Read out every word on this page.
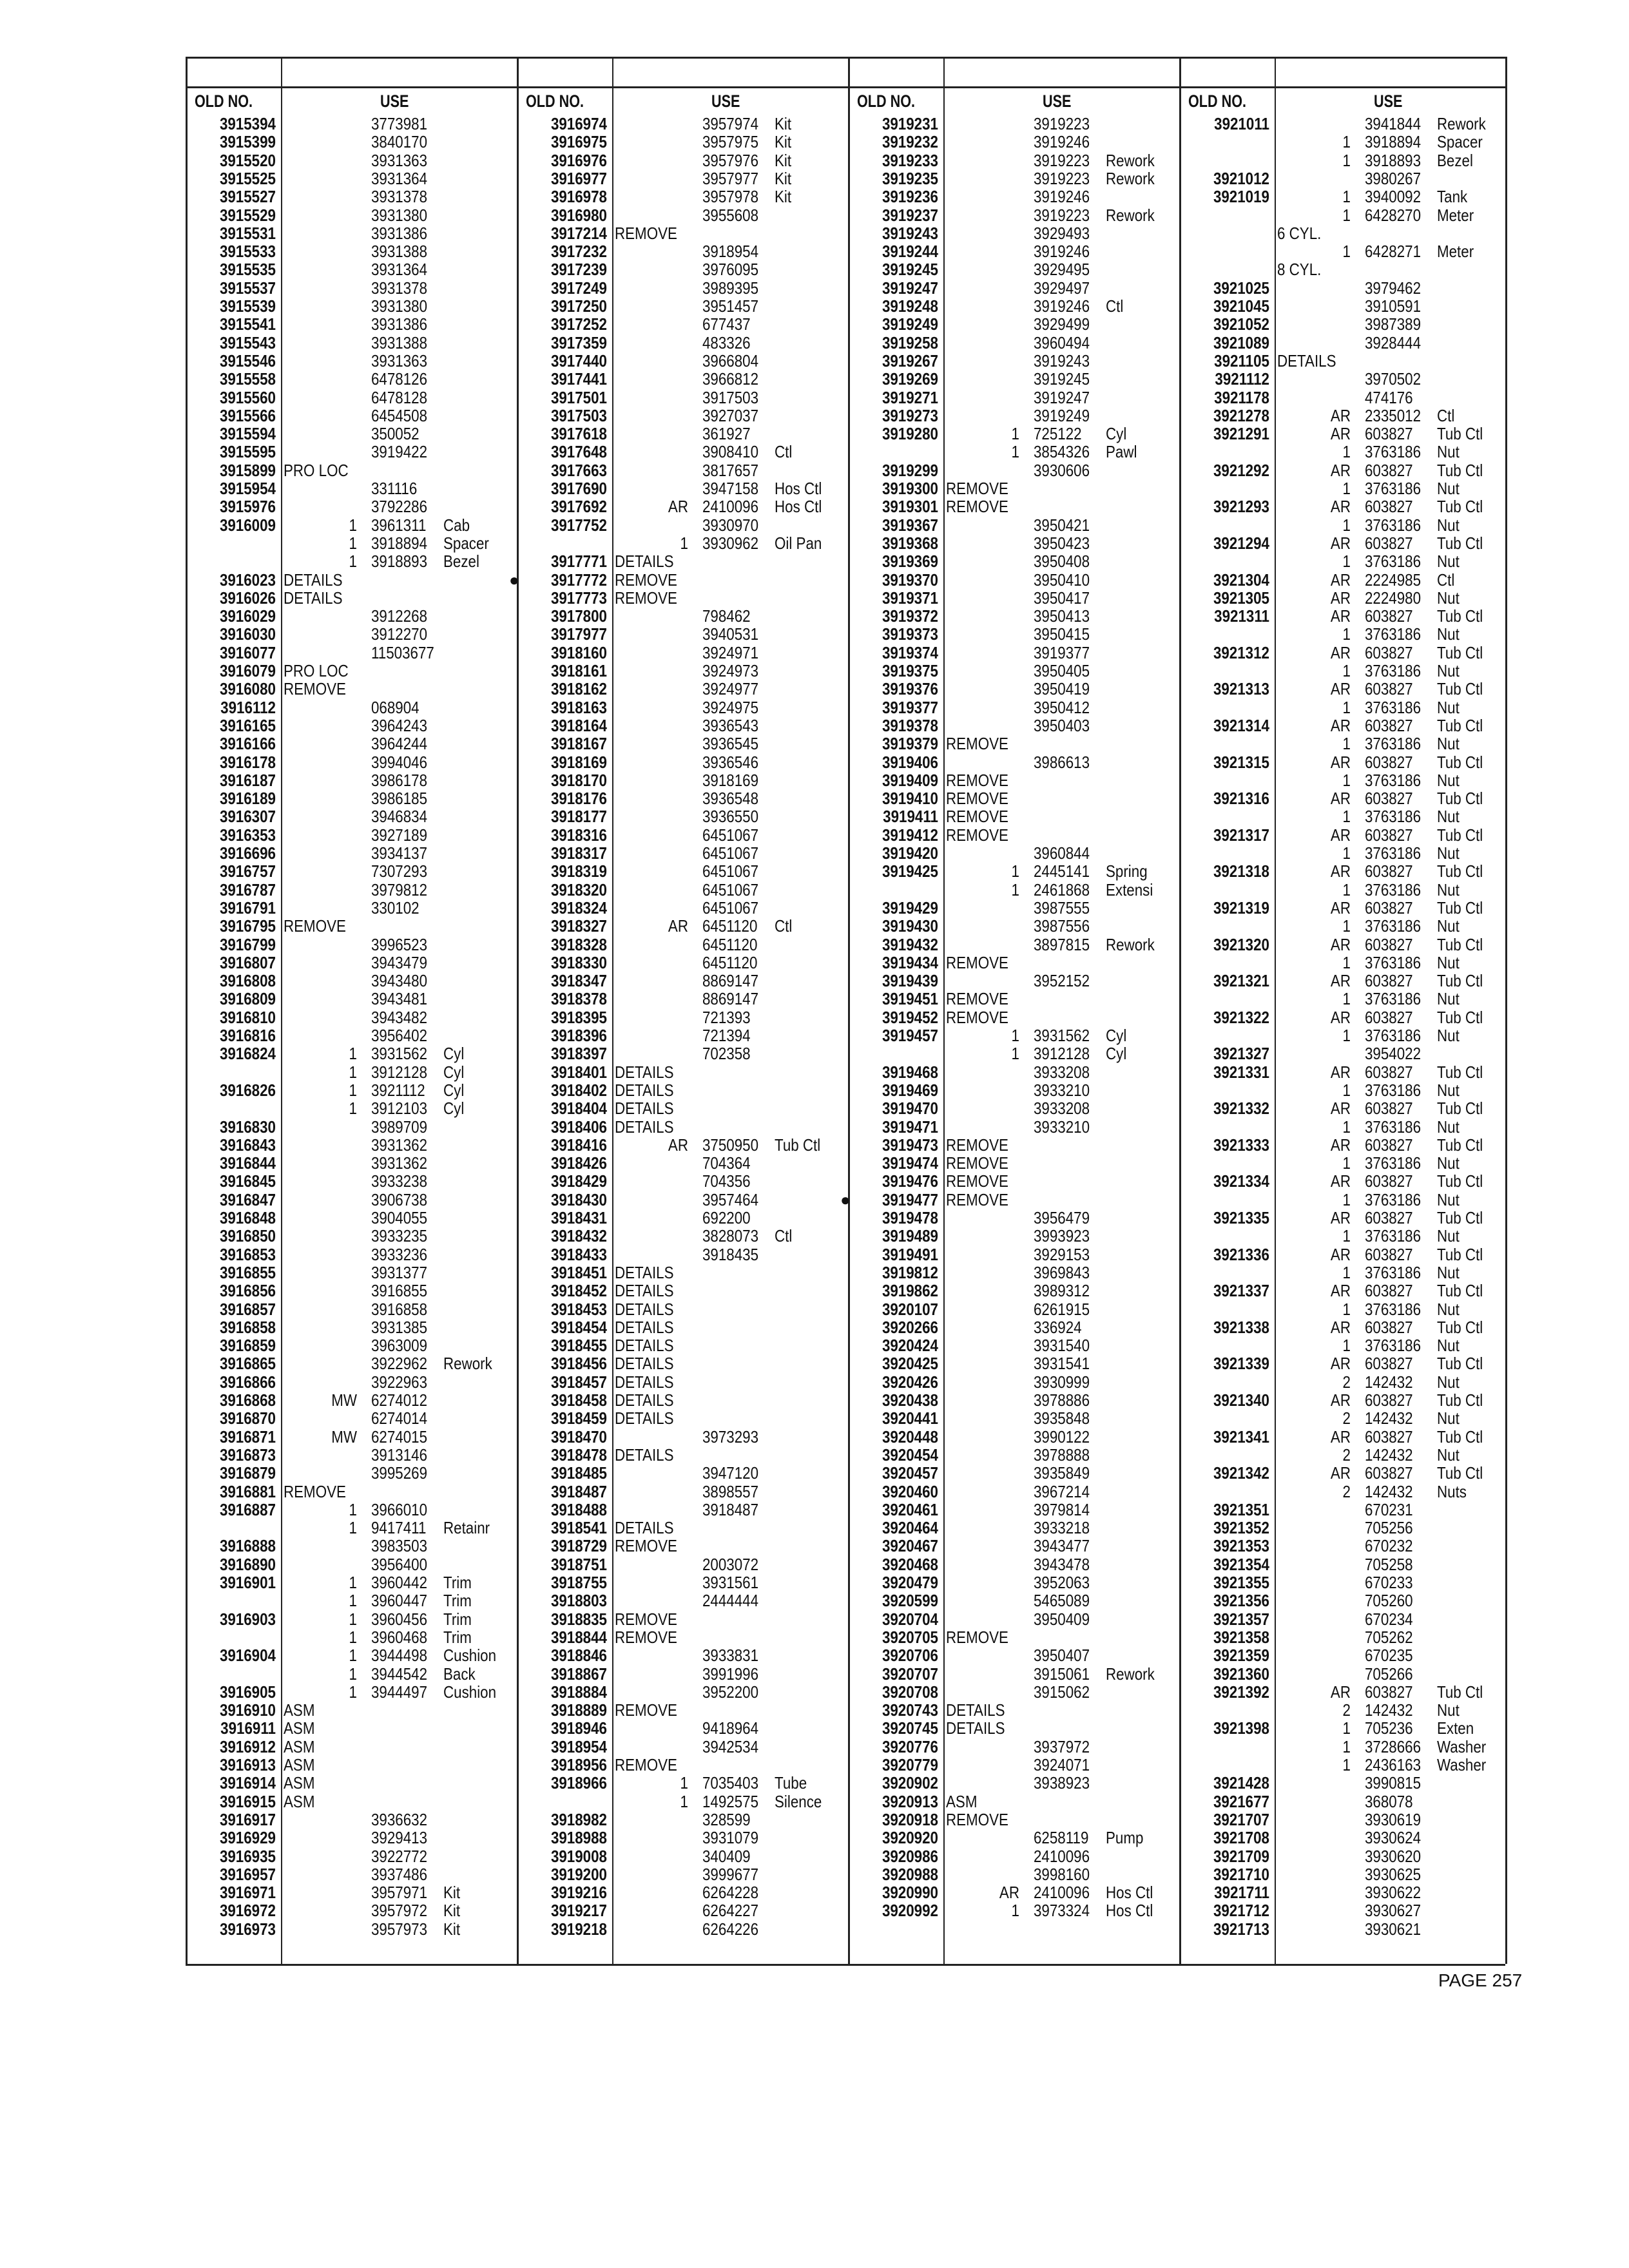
OLD NO.	USE	OLD NO.	USE	OLD NO.	USE	OLD NO.	USE
3915394	3773981
3915399	3840170
3915520	3931363
3915525	3931364
3915527	3931378
3915529	3931380
3915531	3931386
3915533	3931388
3915535	3931364
3915537	3931378
3915539	3931380
3915541	3931386
3915543	3931388
3915546	3931363
3915558	6478126
3915560	6478128
3915566	6454508
3915594	350052
3915595	3919422
3915899 PRO LOC
3915954	331116
3915976	3792286
3916009	1 3961311	Cab
1 3918894 Spacer
1 3918893 Bezel
3916023 DETAILS
3916026 DETAILS
3916029	3912268
3916030	3912270
3916077	11503677
3916079 PRO LOC
3916080 REMOVE
3916112	068904
3916165	3964243
3916166	3964244
3916178	3994046
3916187	3986178
3916189	3986185
3916307	3946834
3916353	3927189
3916696	3934137
3916757	7307293
3916787	3979812
3916791	330102
3916795 REMOVE
3916799	3996523
3916807	3943479
3916808	3943480
3916809	3943481
3916810	3943482
3916816	3956402
3916824	1 3931562 Cyl
1 3912128 Cyl
3916826	1 3921112	Cyl
1 3912103 Cyl
3916830	3989709
3916843	3931362
3916844	3931362
3916845	3933238
3916847	3906738
3916848	3904055
3916850	3933235
3916853	3933236
3916855	3931377
3916856	3916855
3916857	3916858
3916858	3931385
3916859	3963009
3916865	3922962 Rework
3916866	3922963
3916868	MW 6274012
3916870	6274014
3916871	MW 6274015
3916873	3913146
3916879	3995269
3916881 REMOVE
3916887	1 3966010
1 9417411	Retainr
3916888	3983503
3916890	3956400
3916901	1 3960442 Trim
1 3960447 Trim
3916903	1 3960456 Trim
1 3960468 Trim
3916904	1 3944498 Cushion
1 3944542 Back
3916905	1 3944497 Cushion
3916910 ASM
3916911 ASM
3916912 ASM
3916913 ASM
3916914 ASM
3916915 ASM
3916917	3936632
3916929	3929413
3916935	3922772
3916957	3937486
3916971	3957971 Kit
3916972	3957972 Kit
3916973	3957973 Kit
3916974	3957974 Kit
3916975	3957975 Kit
3916976	3957976 Kit
3916977	3957977 Kit
3916978	3957978 Kit
3916980	3955608
3917214 REMOVE
3917232	3918954
3917239	3976095
3917249	3989395
3917250	3951457
3917252	677437
3917359	483326
3917440	3966804
3917441	3966812
3917501	3917503
3917503	3927037
3917618	361927
3917648	3908410 Ctl
3917663	3817657
3917690	3947158 Hos Ctl
3917692	AR 2410096 Hos Ctl
3917752	3930970
1 3930962 Oil Pan
3917771 DETAILS
●	3917772 REMOVE
3917773 REMOVE
3917800	798462
3917977	3940531
3918160	3924971
3918161	3924973
3918162	3924977
3918163	3924975
3918164	3936543
3918167	3936545
3918169	3936546
3918170	3918169
3918176	3936548
3918177	3936550
3918316	6451067
3918317	6451067
3918319	6451067
3918320	6451067
3918324	6451067
3918327	AR 6451120	Ctl
3918328	6451120
3918330	6451120
3918347	8869147
3918378	8869147
3918395	721393
3918396	721394
3918397	702358
3918401 DETAILS
3918402 DETAILS
3918404 DETAILS
3918406 DETAILS
3918416	AR 3750950 Tub Ctl
3918426	704364
3918429	704356
3918430	3957464
3918431	692200
3918432	3828073 Ctl
3918433	3918435
3918451 DETAILS
3918452 DETAILS
3918453 DETAILS
3918454 DETAILS
3918455 DETAILS
3918456 DETAILS
3918457 DETAILS
3918458 DETAILS
3918459 DETAILS
3918470	3973293
3918478 DETAILS
3918485	3947120
3918487	3898557
3918488	3918487
3918541 DETAILS
3918729 REMOVE
3918751	2003072
3918755	3931561
3918803	2444444
3918835 REMOVE
3918844 REMOVE
3918846	3933831
3918867	3991996
3918884	3952200
3918889 REMOVE
3918946	9418964
3918954	3942534
3918956 REMOVE
3918966	1 7035403 Tube
1 1492575 Silence
3918982	328599
3918988	3931079
3919008	340409
3919200	3999677
3919216	6264228
3919217	6264227
3919218	6264226
3919231	3919223
3919232	3919246
3919233	3919223 Rework
3919235	3919223 Rework
3919236	3919246
3919237	3919223 Rework
3919243	3929493
3919244	3919246
3919245	3929495
3919247	3929497
3919248	3919246 Ctl
3919249	3929499
3919258	3960494
3919267	3919243
3919269	3919245
3919271	3919247
3919273	3919249
3919280	1 725122	Cyl
1 3854326 Pawl
3919299	3930606
3919300 REMOVE
3919301 REMOVE
3919367	3950421
3919368	3950423
3919369	3950408
3919370	3950410
3919371	3950417
3919372	3950413
3919373	3950415
3919374	3919377
3919375	3950405
3919376	3950419
3919377	3950412
3919378	3950403
3919379 REMOVE
3919406	3986613
3919409 REMOVE
3919410 REMOVE
3919411 REMOVE
3919412 REMOVE
3919420	3960844
3919425	1 2445141 Spring
1 2461868 Extensi
3919429	3987555
3919430	3987556
3919432	3897815 Rework
3919434 REMOVE
3919439	3952152
3919451 REMOVE
3919452 REMOVE
3919457	1 3931562 Cyl
1 3912128 Cyl
3919468	3933208
3919469	3933210
3919470	3933208
3919471	3933210
3919473 REMOVE
3919474 REMOVE
3919476 REMOVE
●	3919477 REMOVE
3919478	3956479
3919489	3993923
3919491	3929153
3919812	3969843
3919862	3989312
3920107	6261915
3920266	336924
3920424	3931540
3920425	3931541
3920426	3930999
3920438	3978886
3920441	3935848
3920448	3990122
3920454	3978888
3920457	3935849
3920460	3967214
3920461	3979814
3920464	3933218
3920467	3943477
3920468	3943478
3920479	3952063
3920599	5465089
3920704	3950409
3920705 REMOVE
3920706	3950407
3920707	3915061 Rework
3920708	3915062
3920743 DETAILS
3920745 DETAILS
3920776	3937972
3920779	3924071
3920902	3938923
3920913 ASM
3920918 REMOVE
3920920	6258119	Pump
3920986	2410096
3920988	3998160
3920990	AR 2410096 Hos Ctl
3920992	1 3973324 Hos Ctl
3921011	3941844 Rework
1 3918894 Spacer
1 3918893 Bezel
3921012	3980267
3921019	1 3940092 Tank
1 6428270 Meter
6 CYL.
1 6428271 Meter
8 CYL.
3921025	3979462
3921045	3910591
3921052	3987389
3921089	3928444
3921105 DETAILS
3921112	3970502
3921178	474176
3921278	AR 2335012 Ctl
3921291	AR 603827	Tub Ctl
1 3763186 Nut
3921292	AR 603827	Tub Ctl
1 3763186 Nut
3921293	AR 603827	Tub Ctl
1 3763186 Nut
3921294	AR 603827	Tub Ctl
1 3763186 Nut
3921304	AR 2224985 Ctl
3921305	AR 2224980 Nut
3921311	AR 603827	Tub Ctl
1 3763186 Nut
3921312	AR 603827	Tub Ctl
1 3763186 Nut
3921313	AR 603827	Tub Ctl
1 3763186 Nut
3921314	AR 603827	Tub Ctl
1 3763186 Nut
3921315	AR 603827	Tub Ctl
1 3763186 Nut
3921316	AR 603827	Tub Ctl
1 3763186 Nut
3921317	AR 603827	Tub Ctl
1 3763186 Nut
3921318	AR 603827	Tub Ctl
1 3763186 Nut
3921319	AR 603827	Tub Ctl
1 3763186 Nut
3921320	AR 603827	Tub Ctl
1 3763186 Nut
3921321	AR 603827	Tub Ctl
1 3763186 Nut
3921322	AR 603827	Tub Ctl
1 3763186 Nut
3921327	3954022
3921331	AR 603827	Tub Ctl
1 3763186 Nut
3921332	AR 603827	Tub Ctl
1 3763186 Nut
3921333	AR 603827	Tub Ctl
1 3763186 Nut
3921334	AR 603827	Tub Ctl
1 3763186 Nut
3921335	AR 603827	Tub Ctl
1 3763186 Nut
3921336	AR 603827	Tub Ctl
1 3763186 Nut
3921337	AR 603827	Tub Ctl
1 3763186 Nut
3921338	AR 603827	Tub Ctl
1 3763186 Nut
3921339	AR 603827	Tub Ctl
2 142432	Nut
3921340	AR 603827	Tub Ctl
2 142432	Nut
3921341	AR 603827	Tub Ctl
2 142432	Nut
3921342	AR 603827	Tub Ctl
2 142432	Nuts
3921351	670231
3921352	705256
3921353	670232
3921354	705258
3921355	670233
3921356	705260
3921357	670234
3921358	705262
3921359	670235
3921360	705266
3921392	AR 603827	Tub Ctl
2 142432	Nut
3921398	1 705236	Exten
1 3728666 Washer
1 2436163 Washer
3921428	3990815
3921677	368078
3921707	3930619
3921708	3930624
3921709	3930620
3921710	3930625
3921711	3930622
3921712	3930627
3921713	3930621
PAGE 257
